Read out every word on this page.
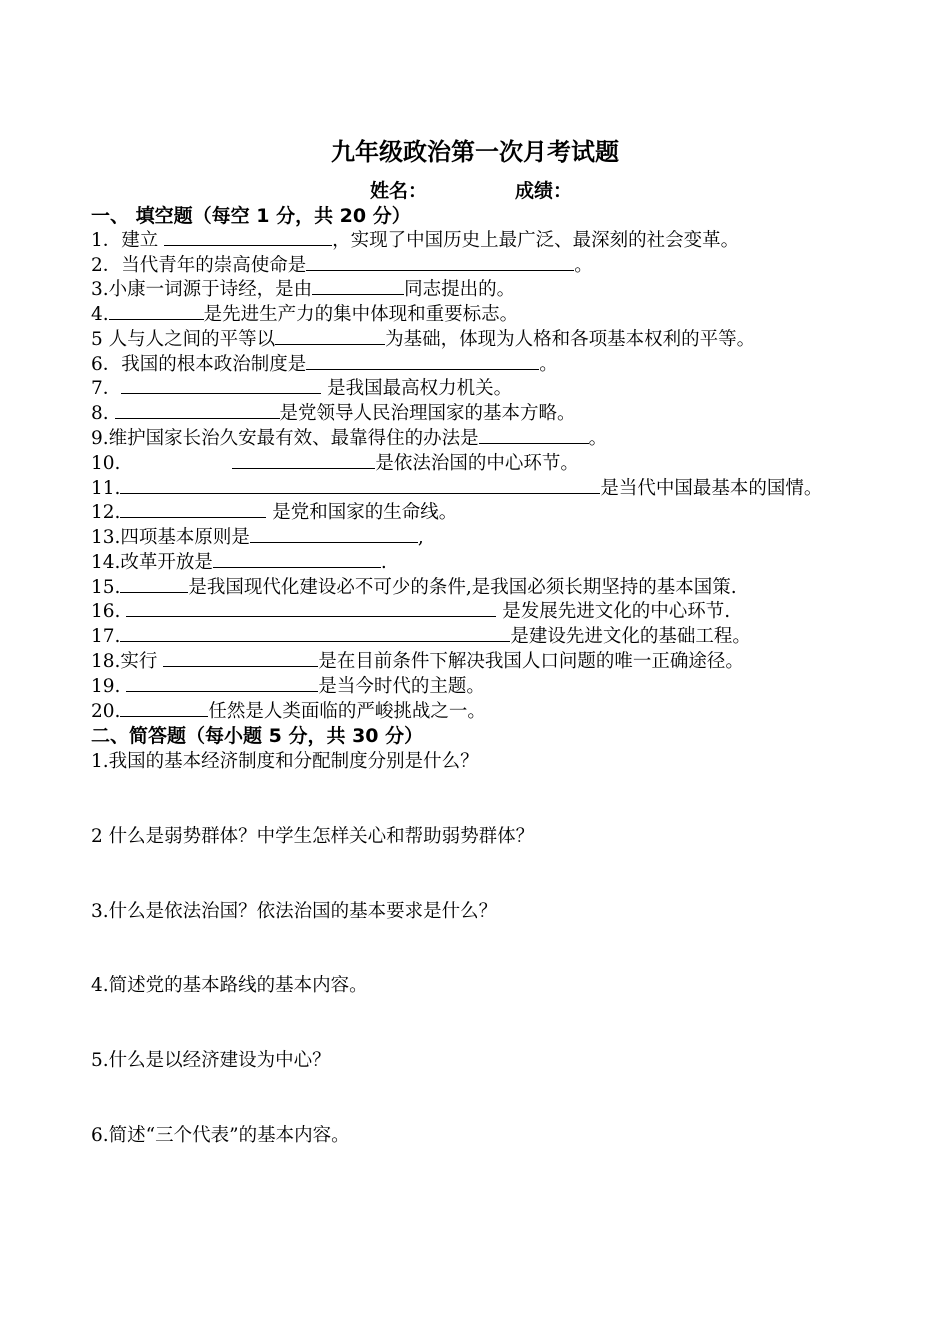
九年级政治第一次月考试题
姓名：	成绩：
一、 填空题（每空 1 分，共 20 分）
1．建立	，实现了中国历史上最广泛、最深刻的社会变革。
2．当代青年的崇高使命是	。
3.小康一词源于诗经，是由	同志提出的。
4.	是先进生产力的集中体现和重要标志。
5 人与人之间的平等以	为基础，体现为人格和各项基本权利的平等。
6．我国的根本政治制度是	。
7．	是我国最高权力机关。
8.	是党领导人民治理国家的基本方略。
9.维护国家长治久安最有效、最靠得住的办法是	。
10.	是依法治国的中心环节。
11.	是当代中国最基本的国情。
12.	是党和国家的生命线。
13.四项基本原则是	,
14.改革开放是	.
15.	是我国现代化建设必不可少的条件,是我国必须长期坚持的基本国策.
16.	是发展先进文化的中心环节.
17.	是建设先进文化的基础工程。
18.实行	是在目前条件下解决我国人口问题的唯一正确途径。
19.	是当今时代的主题。
20.	任然是人类面临的严峻挑战之一。
二、简答题（每小题 5 分，共 30 分）
1.我国的基本经济制度和分配制度分别是什么？
2 什么是弱势群体？中学生怎样关心和帮助弱势群体？
3.什么是依法治国？依法治国的基本要求是什么？
4.简述党的基本路线的基本内容。
5.什么是以经济建设为中心？
6.简述“三个代表”的基本内容。
